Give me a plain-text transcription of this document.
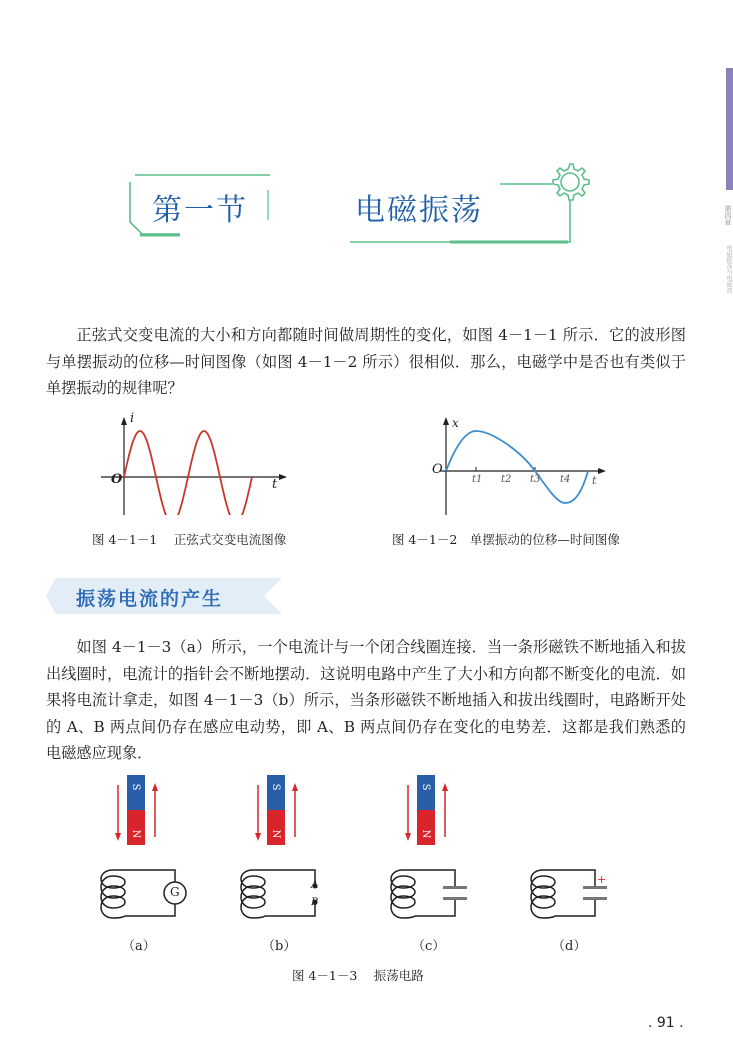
第四章
电磁振荡与电磁波
第一节	电磁振荡

正弦式交变电流的大小和方向都随时间做周期性的变化，如图 4－1－1 所示．它的波形图与单摆振动的位移—时间图像（如图 4－1－2 所示）很相似．那么，电磁学中是否也有类似于单摆振动的规律呢？

i
t
O
图 4－1－1　 正弦式交变电流图像
x
O
t1 t2 t3 t4 t
图 4－1－2　单摆振动的位移—时间图像
振荡电流的产生

如图 4－1－3（a）所示，一个电流计与一个闭合线圈连接．当一条形磁铁不断地插入和拔出线圈时，电流计的指针会不断地摆动．这说明电路中产生了大小和方向都不断变化的电流．如果将电流计拿走，如图 4－1－3（b）所示，当条形磁铁不断地插入和拔出线圈时，电路断开处的 A、B 两点间仍存在感应电动势，即 A、B 两点间仍存在变化的电势差．这都是我们熟悉的电磁感应现象．

S
N
+
A
B
G
（a）	（b）	（c）	（d）
图 4－1－3　 振荡电路
. 91 .
